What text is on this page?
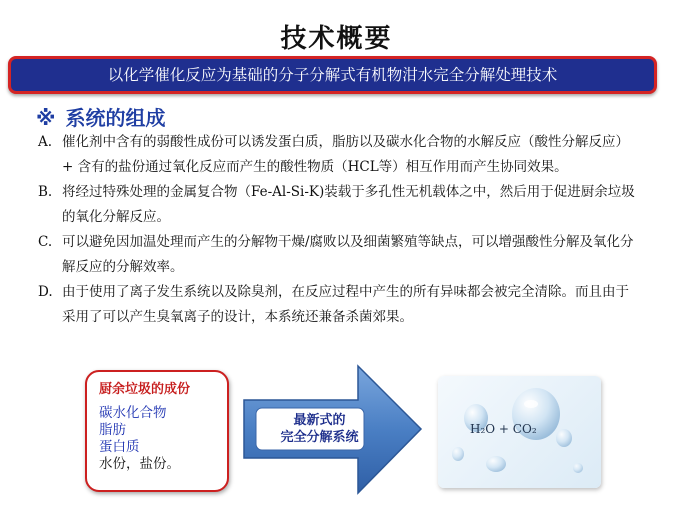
技术概要
以化学催化反应为基础的分子分解式有机物泔水完全分解处理技术
※ 系统的组成
A. 催化剂中含有的弱酸性成份可以诱发蛋白质，脂肪以及碳水化合物的水解反应（酸性分解反应）+ 含有的盐份通过氧化反应而产生的酸性物质（HCL等）相互作用而产生协同效果。
B. 将经过特殊处理的金属复合物（Fe-Al-Si-K)装载于多孔性无机载体之中，然后用于促进厨余垃圾的氧化分解反应。
C. 可以避免因加温处理而产生的分解物干燥/腐败以及细菌繁殖等缺点，可以增强酸性分解及氧化分解反应的分解效率。
D. 由于使用了离子发生系统以及除臭剂，在反应过程中产生的所有异味都会被完全清除。而且由于采用了可以产生臭氧离子的设计，本系统还兼备杀菌郊果。
厨余垃圾的成份
碳水化合物
脂肪
蛋白质
水份，盐份。
最新式的
完全分解系统
H₂O + CO₂
